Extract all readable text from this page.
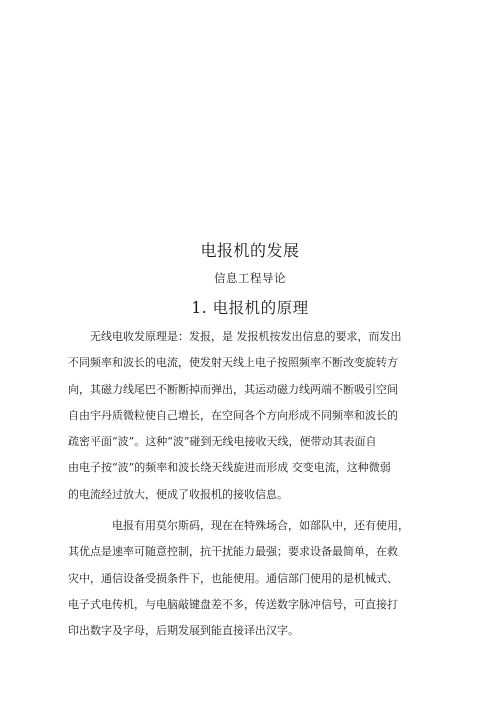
电报机的发展
信息工程导论
1. 电报机的原理
无线电收发原理是：发报，是 发报机按发出信息的要求，而发出
不同频率和波长的电流，使发射天线上电子按照频率不断改变旋转方
向，其磁力线尾巴不断断掉而弹出，其运动磁力线两端不断吸引空间
自由宇丹质微粒使自己增长，在空间各个方向形成不同频率和波长的
疏密平面“波”。这种“波”碰到无线电接收天线，便带动其表面自
由电子按“波”的频率和波长绕天线旋进而形成 交变电流，这种微弱
的电流经过放大，便成了收报机的接收信息。
电报有用莫尔斯码，现在在特殊场合，如部队中，还有使用，
其优点是速率可随意控制，抗干扰能力最强；要求设备最简单，在救
灾中，通信设备受损条件下，也能使用。通信部门使用的是机械式、
电子式电传机，与电脑敲键盘差不多，传送数字脉冲信号，可直接打
印出数字及字母，后期发展到能直接译出汉字。
